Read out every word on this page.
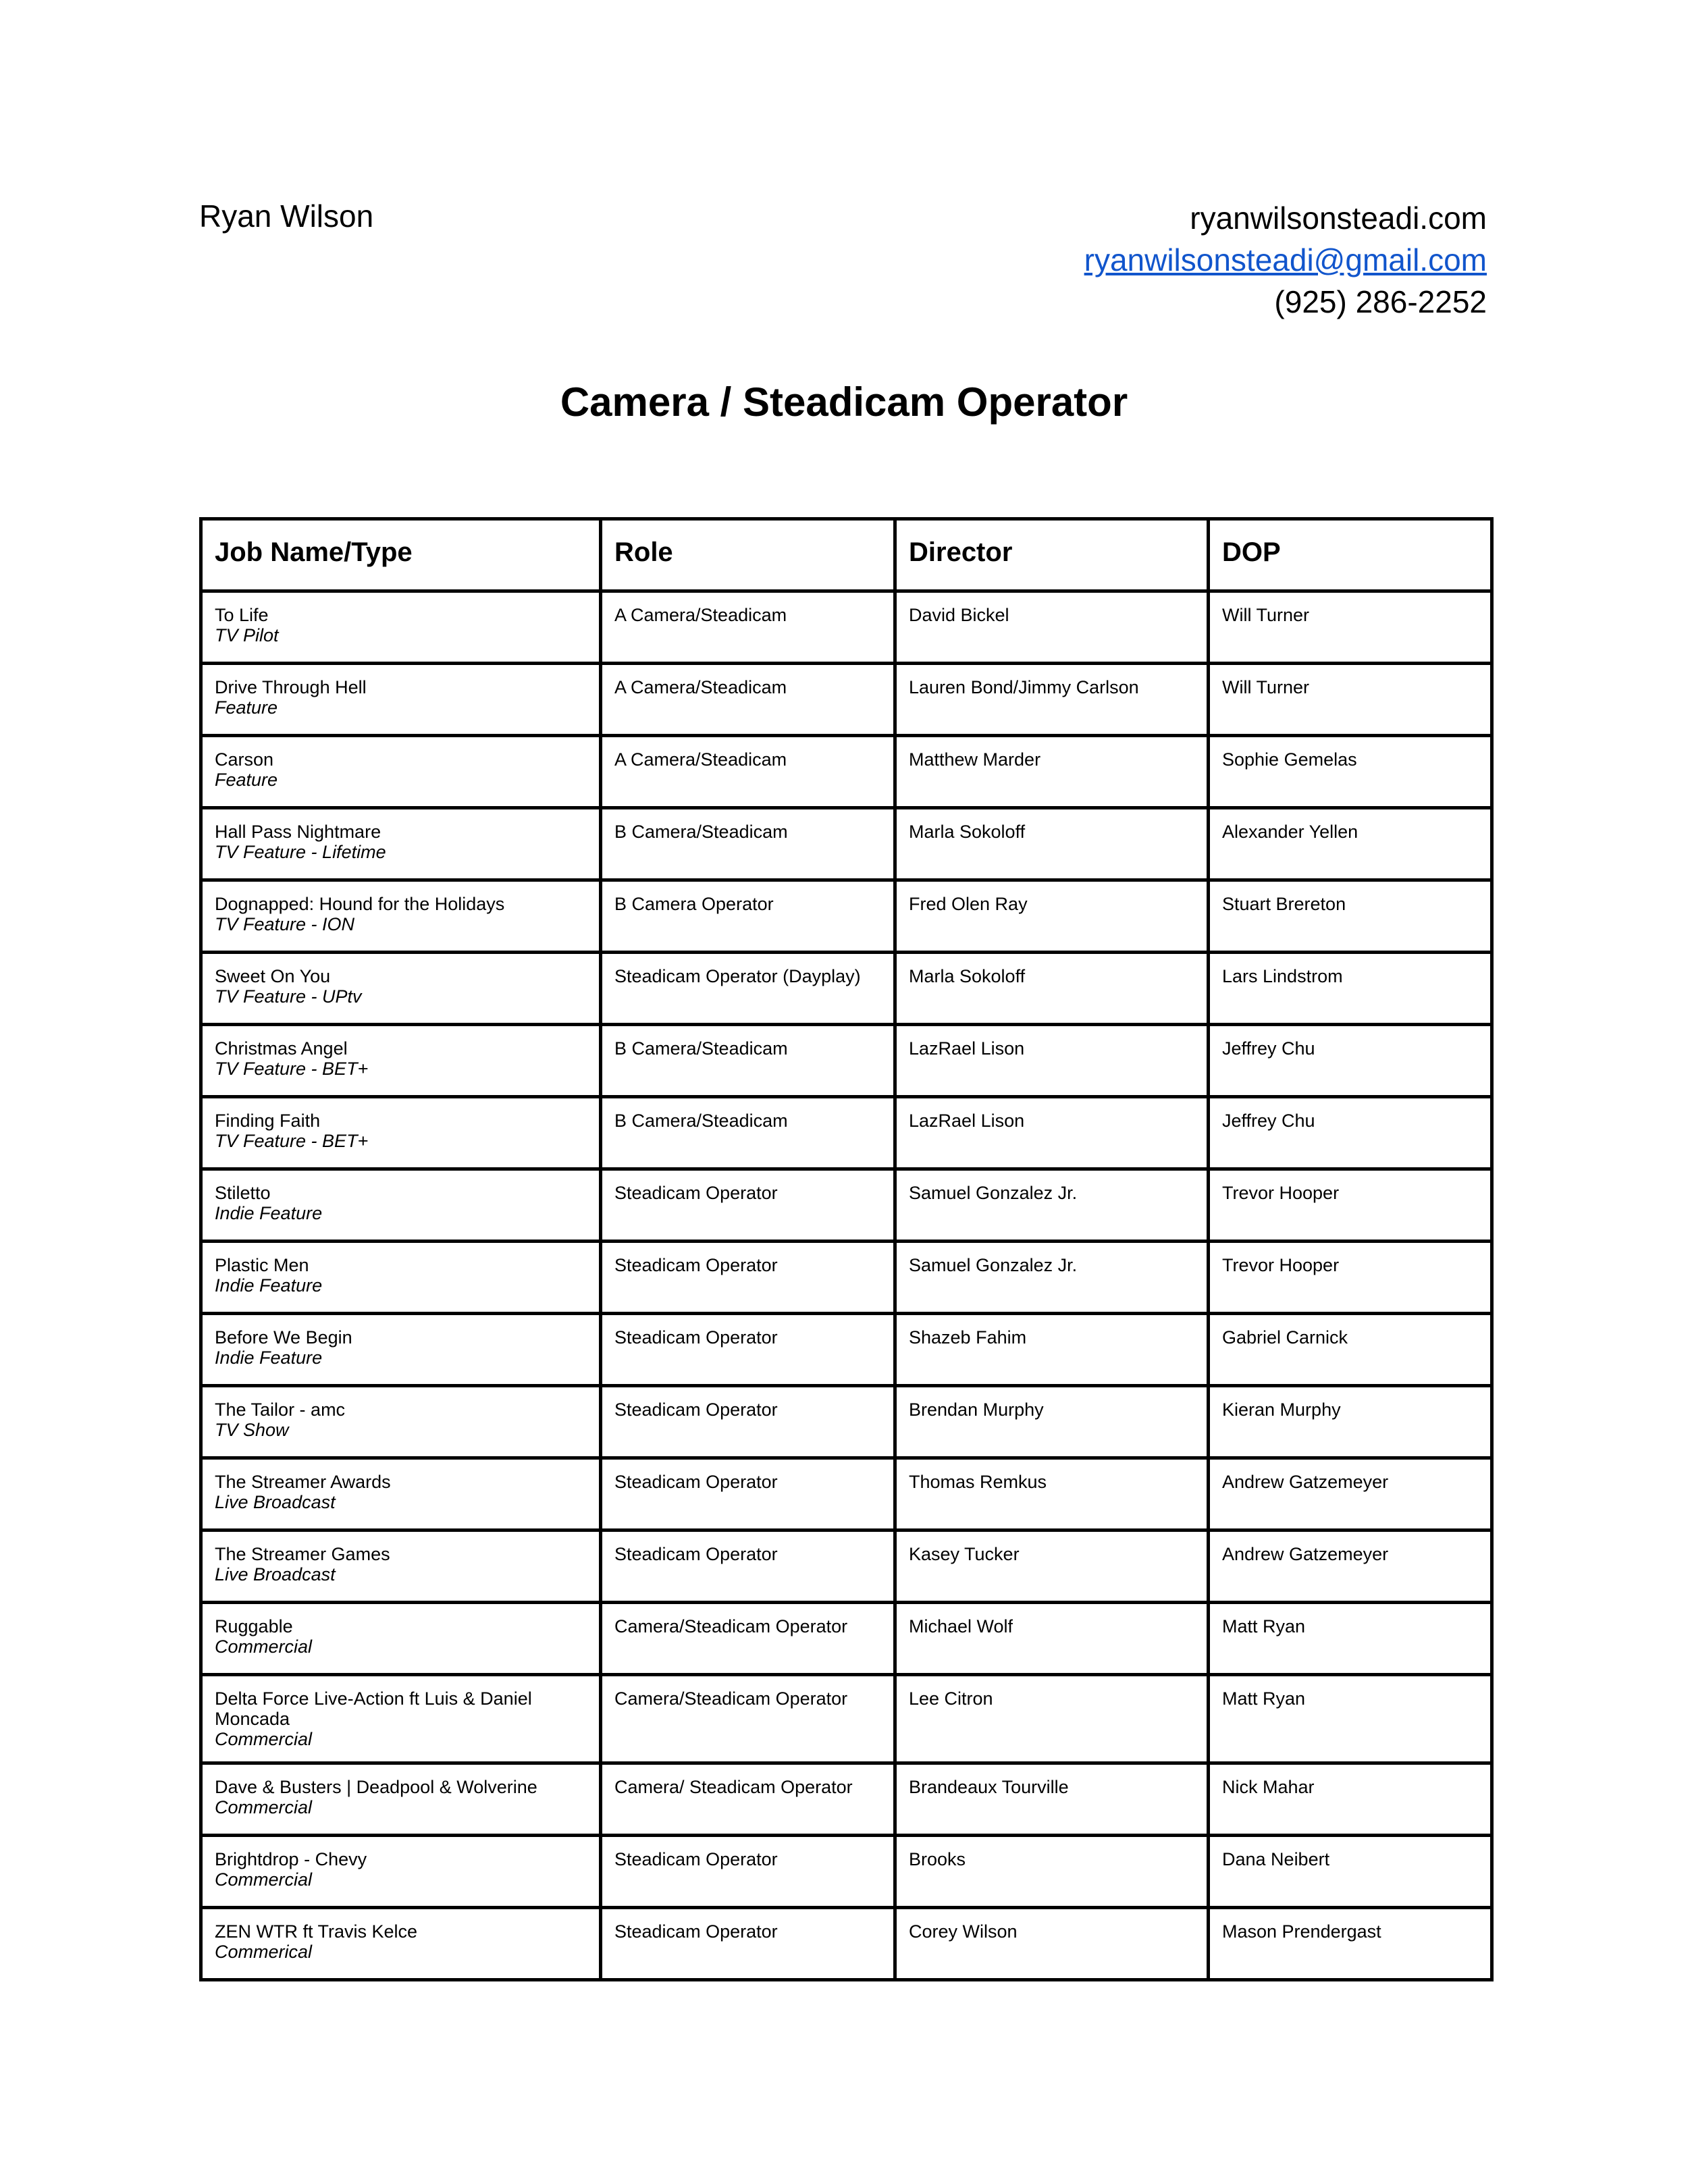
Ryan Wilson	ryanwilsonsteadi.com
ryanwilsonsteadi@gmail.com
(925) 286-2252
Camera / Steadicam Operator
Job Name/Type	Role	Director	DOP

To Life
TV Pilot	A Camera/Steadicam	David Bickel	Will Turner

Drive Through Hell
Feature	A Camera/Steadicam	Lauren Bond/Jimmy Carlson	Will Turner

Carson
Feature	A Camera/Steadicam	Matthew Marder	Sophie Gemelas

Hall Pass Nightmare
TV Feature - Lifetime	B Camera/Steadicam	Marla Sokoloff	Alexander Yellen

Dognapped: Hound for the Holidays
TV Feature - ION	B Camera Operator	Fred Olen Ray	Stuart Brereton

Sweet On You
TV Feature - UPtv	Steadicam Operator (Dayplay)	Marla Sokoloff	Lars Lindstrom

Christmas Angel
TV Feature - BET+	B Camera/Steadicam	LazRael Lison	Jeffrey Chu

Finding Faith
TV Feature - BET+	B Camera/Steadicam	LazRael Lison	Jeffrey Chu

Stiletto
Indie Feature	Steadicam Operator	Samuel Gonzalez Jr.	Trevor Hooper

Plastic Men
Indie Feature	Steadicam Operator	Samuel Gonzalez Jr.	Trevor Hooper

Before We Begin
Indie Feature	Steadicam Operator	Shazeb Fahim	Gabriel Carnick

The Tailor - amc
TV Show	Steadicam Operator	Brendan Murphy	Kieran Murphy

The Streamer Awards
Live Broadcast	Steadicam Operator	Thomas Remkus	Andrew Gatzemeyer

The Streamer Games
Live Broadcast	Steadicam Operator	Kasey Tucker	Andrew Gatzemeyer

Ruggable
Commercial	Camera/Steadicam Operator	Michael Wolf	Matt Ryan

Delta Force Live-Action ft Luis & Daniel Moncada
Commercial	Camera/Steadicam Operator	Lee Citron	Matt Ryan

Dave & Busters | Deadpool & Wolverine
Commercial	Camera/ Steadicam Operator	Brandeaux Tourville	Nick Mahar

Brightdrop - Chevy
Commercial	Steadicam Operator	Brooks	Dana Neibert

ZEN WTR ft Travis Kelce
Commerical	Steadicam Operator	Corey Wilson	Mason Prendergast
